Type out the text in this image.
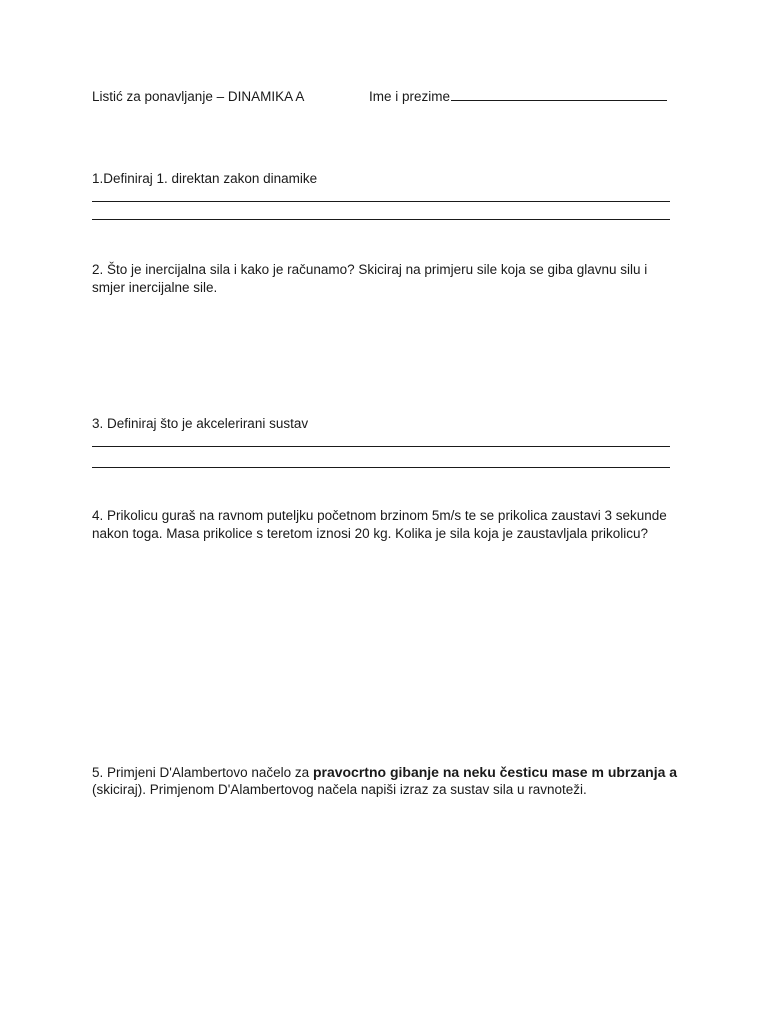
Listić za ponavljanje – DINAMIKA A	Ime i prezime
1.Definiraj 1. direktan zakon dinamike
2. Što je inercijalna sila i kako je računamo? Skiciraj na primjeru sile koja se giba glavnu silu i smjer inercijalne sile.
3. Definiraj što je akcelerirani sustav
4. Prikolicu guraš na ravnom puteljku početnom brzinom 5m/s te se prikolica zaustavi 3 sekunde nakon toga. Masa prikolice s teretom iznosi 20 kg. Kolika je sila koja je zaustavljala prikolicu?
5. Primjeni D'Alambertovo načelo za pravocrtno gibanje na neku česticu mase m ubrzanja a
(skiciraj). Primjenom D'Alambertovog načela napiši izraz za sustav sila u ravnoteži.
